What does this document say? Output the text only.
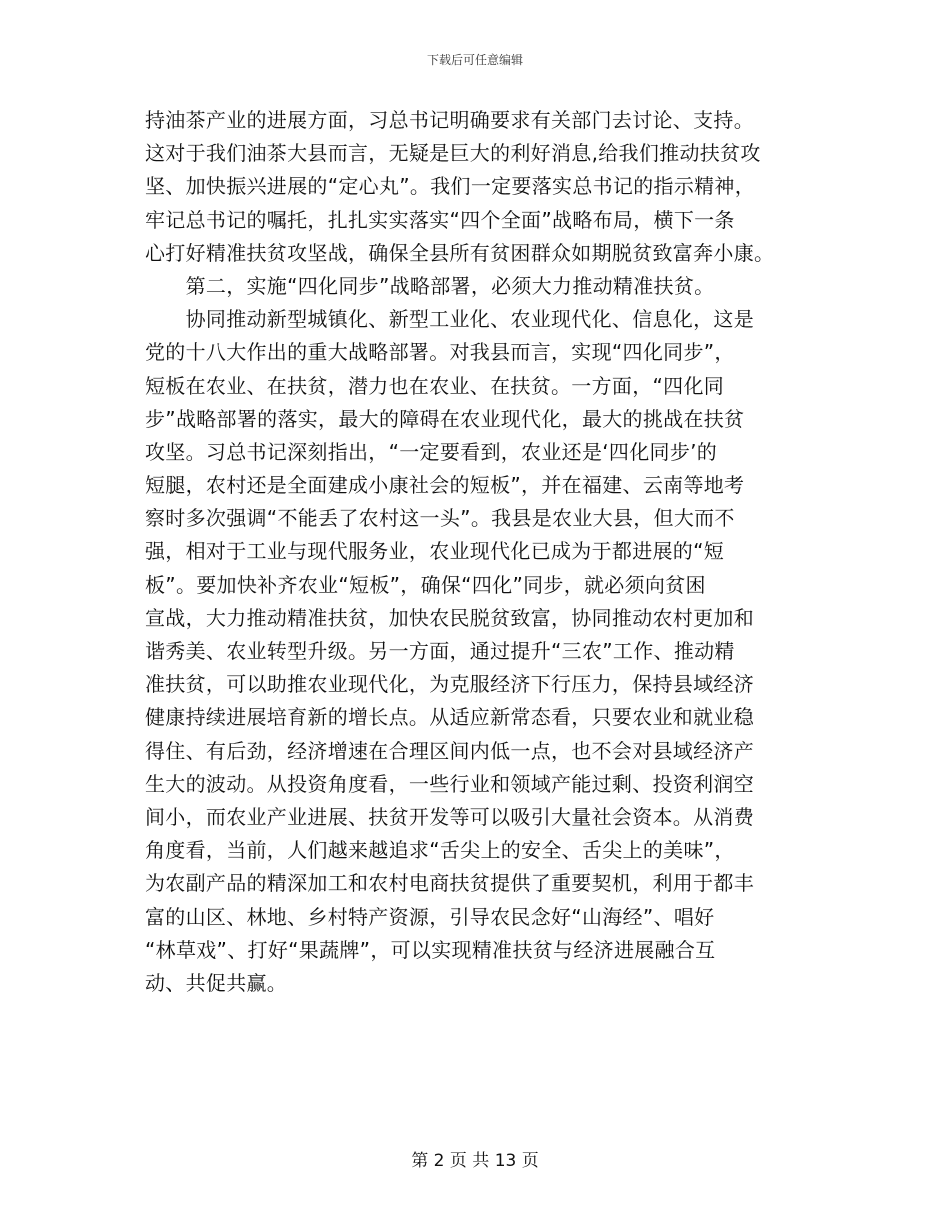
下载后可任意编辑
持油茶产业的进展方面，习总书记明确要求有关部门去讨论、支持。
这对于我们油茶大县而言，无疑是巨大的利好消息,给我们推动扶贫攻
坚、加快振兴进展的“定心丸”。我们一定要落实总书记的指示精神，
牢记总书记的嘱托，扎扎实实落实“四个全面”战略布局，横下一条
心打好精准扶贫攻坚战，确保全县所有贫困群众如期脱贫致富奔小康。
　　第二，实施“四化同步”战略部署，必须大力推动精准扶贫。
　　协同推动新型城镇化、新型工业化、农业现代化、信息化，这是
党的十八大作出的重大战略部署。对我县而言，实现“四化同步”，
短板在农业、在扶贫，潜力也在农业、在扶贫。一方面，“四化同
步”战略部署的落实，最大的障碍在农业现代化，最大的挑战在扶贫
攻坚。习总书记深刻指出，“一定要看到，农业还是‘四化同步’的
短腿，农村还是全面建成小康社会的短板”，并在福建、云南等地考
察时多次强调“不能丢了农村这一头”。我县是农业大县，但大而不
强，相对于工业与现代服务业，农业现代化已成为于都进展的“短
板”。要加快补齐农业“短板”，确保“四化”同步，就必须向贫困
宣战，大力推动精准扶贫，加快农民脱贫致富，协同推动农村更加和
谐秀美、农业转型升级。另一方面，通过提升“三农”工作、推动精
准扶贫，可以助推农业现代化，为克服经济下行压力，保持县域经济
健康持续进展培育新的增长点。从适应新常态看，只要农业和就业稳
得住、有后劲，经济增速在合理区间内低一点，也不会对县域经济产
生大的波动。从投资角度看，一些行业和领域产能过剩、投资利润空
间小，而农业产业进展、扶贫开发等可以吸引大量社会资本。从消费
角度看，当前，人们越来越追求“舌尖上的安全、舌尖上的美味”，
为农副产品的精深加工和农村电商扶贫提供了重要契机，利用于都丰
富的山区、林地、乡村特产资源，引导农民念好“山海经”、唱好
“林草戏”、打好“果蔬牌”，可以实现精准扶贫与经济进展融合互
动、共促共赢。
第 2 页 共 13 页
